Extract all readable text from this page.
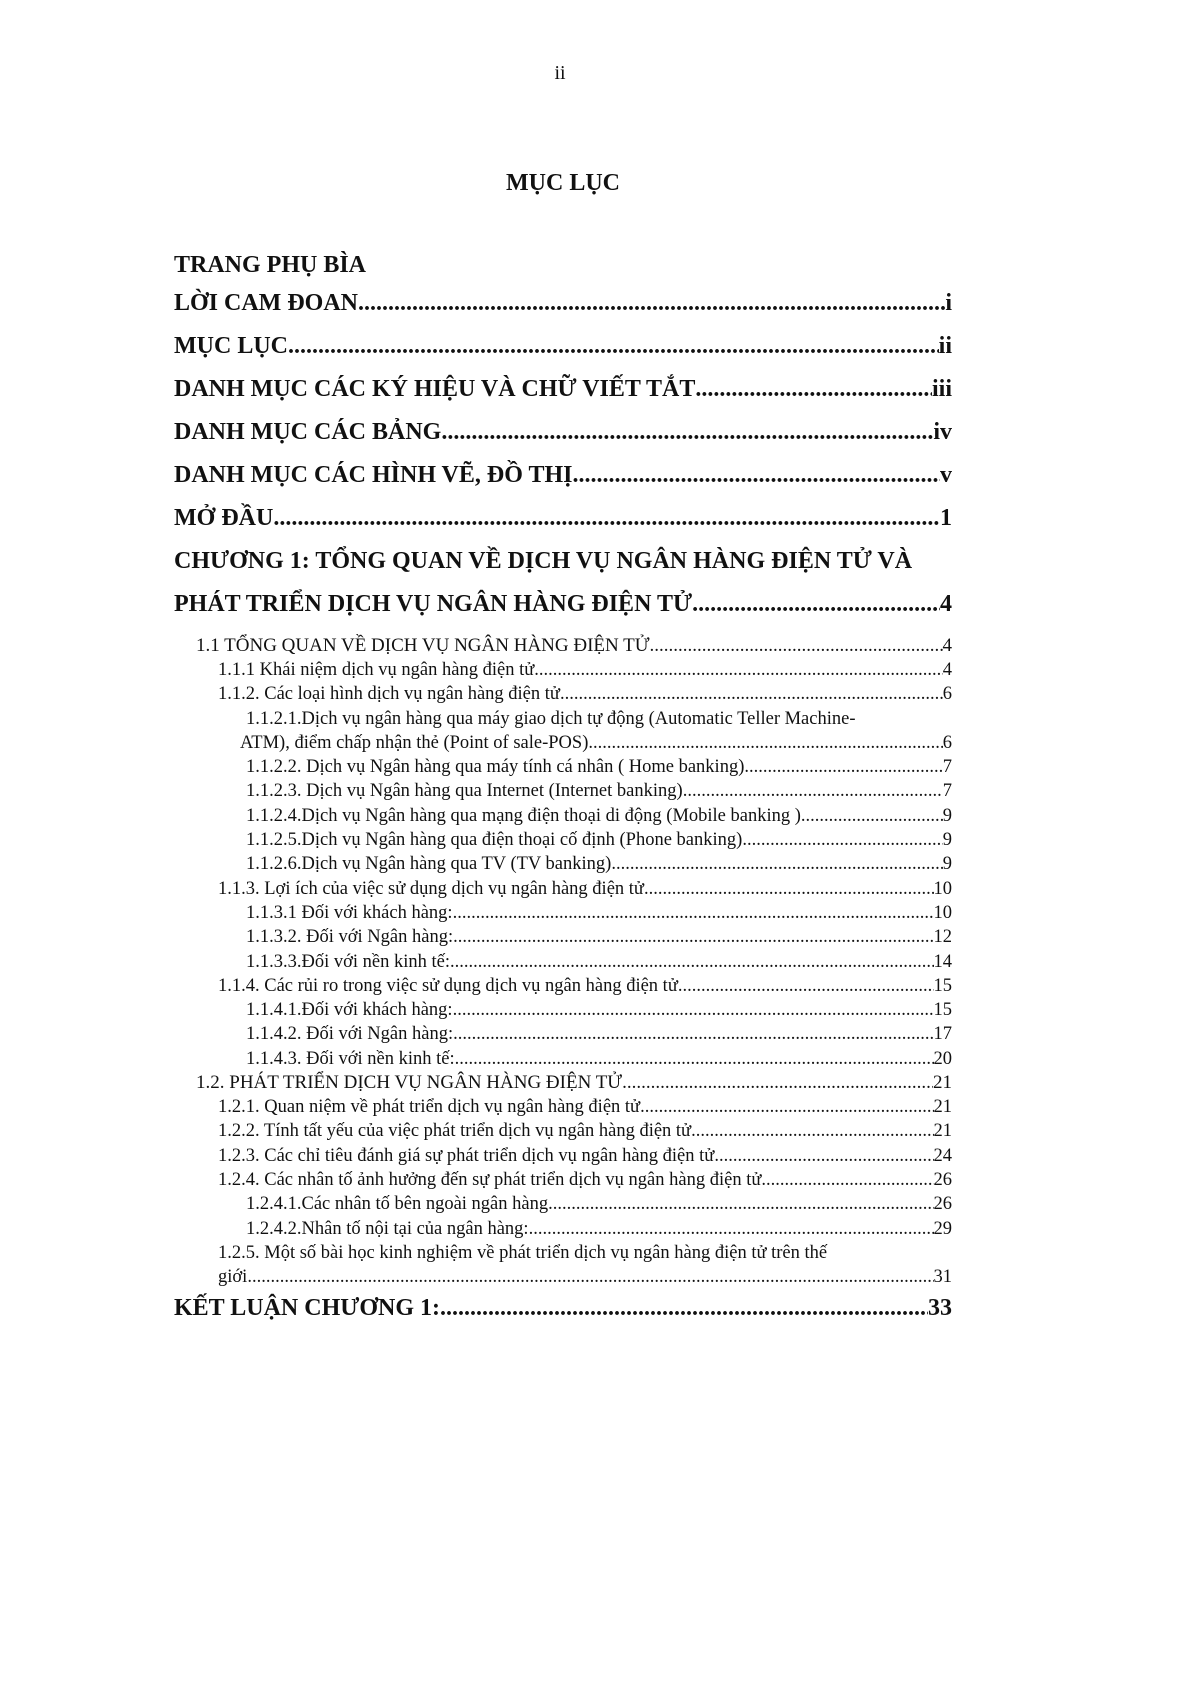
ii
MỤC LỤC
TRANG PHỤ BÌA
LỜI CAM ĐOAN .....	i
MỤC LỤC .....	ii
DANH MỤC CÁC KÝ HIỆU VÀ CHỮ VIẾT TẮT .....	iii
DANH MỤC CÁC BẢNG .....	iv
DANH MỤC CÁC HÌNH VẼ, ĐỒ THỊ .....	v
MỞ ĐẦU .....	1
CHƯƠNG 1: TỔNG QUAN VỀ DỊCH VỤ NGÂN HÀNG ĐIỆN TỬ VÀ
PHÁT TRIỂN DỊCH VỤ NGÂN HÀNG ĐIỆN TỬ .....	4
1.1 TỔNG QUAN VỀ DỊCH VỤ NGÂN HÀNG ĐIỆN TỬ .....	4
1.1.1 Khái niệm dịch vụ ngân hàng điện tử .....	4
1.1.2. Các loại hình dịch vụ ngân hàng điện tử .....	6
1.1.2.1.Dịch vụ ngân hàng qua máy giao dịch tự động (Automatic Teller Machine-
ATM), điểm chấp nhận thẻ (Point of sale-POS) .....	6
1.1.2.2. Dịch vụ Ngân hàng qua máy tính cá nhân ( Home banking) .....	7
1.1.2.3. Dịch vụ Ngân hàng qua Internet (Internet banking) .....	7
1.1.2.4.Dịch vụ Ngân hàng qua mạng điện thoại di động (Mobile banking ) .....	9
1.1.2.5.Dịch vụ Ngân hàng qua điện thoại cố định (Phone banking) .....	9
1.1.2.6.Dịch vụ Ngân hàng qua TV (TV banking) .....	9
1.1.3. Lợi ích của việc sử dụng dịch vụ ngân hàng điện tử .....	10
1.1.3.1 Đối với khách hàng: .....	10
1.1.3.2. Đối với Ngân hàng: .....	12
1.1.3.3.Đối với nền kinh tế: .....	14
1.1.4. Các rủi ro trong việc sử dụng dịch vụ ngân hàng điện tử .....	15
1.1.4.1.Đối với khách hàng: .....	15
1.1.4.2. Đối với Ngân hàng: .....	17
1.1.4.3. Đối với nền kinh tế: .....	20
1.2. PHÁT TRIỂN DỊCH VỤ NGÂN HÀNG ĐIỆN TỬ .....	21
1.2.1. Quan niệm về phát triển dịch vụ ngân hàng điện tử .....	21
1.2.2. Tính tất yếu của việc phát triển dịch vụ ngân hàng điện tử .....	21
1.2.3. Các chỉ tiêu đánh giá sự phát triển dịch vụ ngân hàng điện tử .....	24
1.2.4. Các nhân tố ảnh hưởng đến sự phát triển dịch vụ ngân hàng điện tử .....	26
1.2.4.1.Các nhân tố bên ngoài ngân hàng .....	26
1.2.4.2.Nhân tố nội tại của ngân hàng: .....	29
1.2.5. Một số bài học kinh nghiệm về phát triển dịch vụ ngân hàng điện tử trên thế
giới .....	31
KẾT LUẬN CHƯƠNG 1: .....	33
